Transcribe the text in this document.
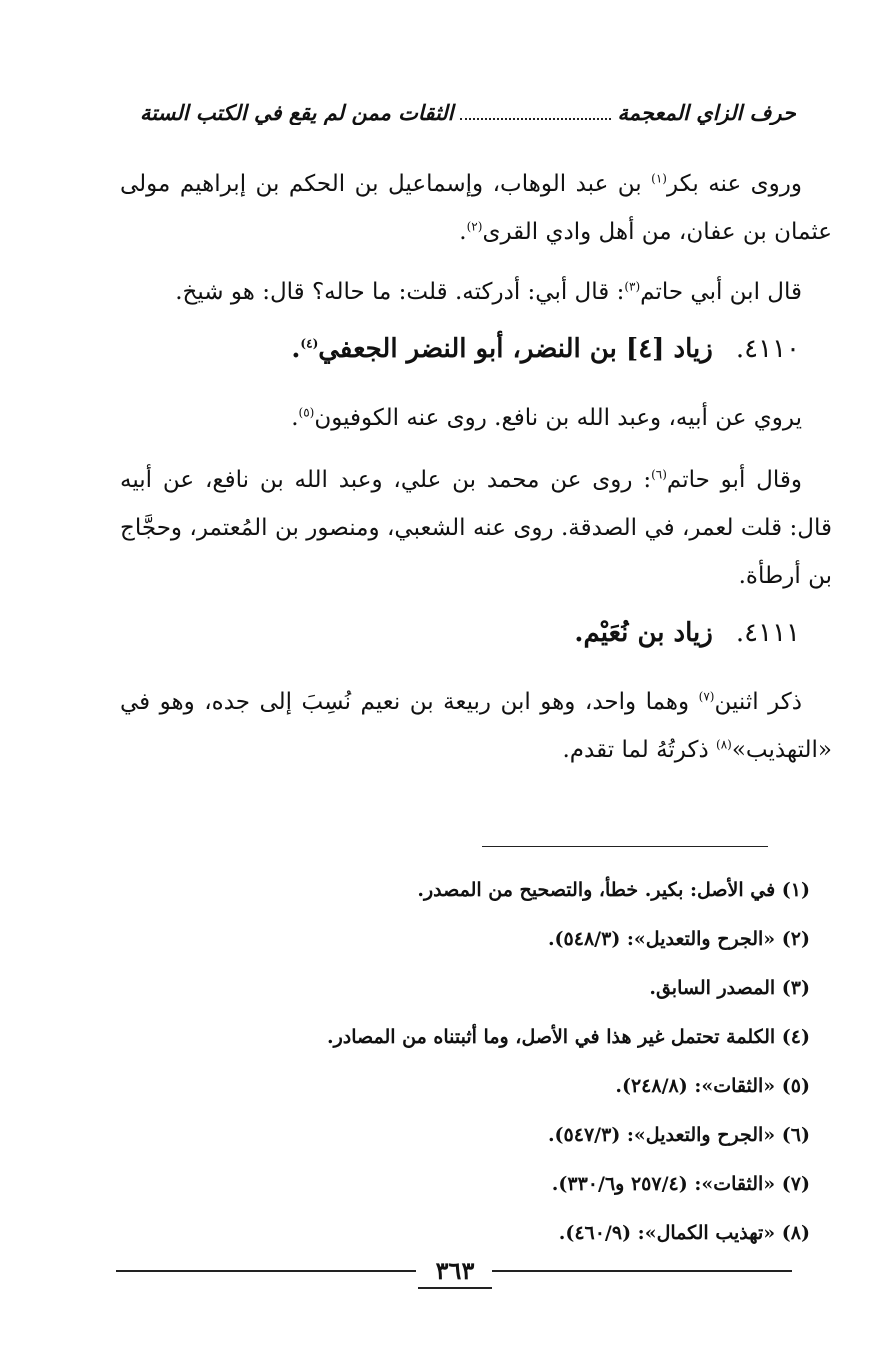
حرف الزاي المعجمة
الثقات ممن لم يقع في الكتب الستة

وروى عنه بكر$^{(١)}$ بن عبد الوهاب، وإسماعيل بن الحكم بن إبراهيم مولى عثمان بن عفان، من أهل وادي القرى$^{(٢)}$.

قال ابن أبي حاتم$^{(٣)}$: قال أبي: أدركته. قلت: ما حاله؟ قال: هو شيخ.

٤١١٠. زياد [٤] بن النضر، أبو النضر الجعفي$^{(٤)}$.

يروي عن أبيه، وعبد الله بن نافع. روى عنه الكوفيون$^{(٥)}$.

وقال أبو حاتم$^{(٦)}$: روى عن محمد بن علي، وعبد الله بن نافع، عن أبيه قال: قلت لعمر، في الصدقة. روى عنه الشعبي، ومنصور بن المُعتمر، وحجَّاج بن أرطأة.

٤١١١. زياد بن نُعَيْم.

ذكر اثنين$^{(٧)}$ وهما واحد، وهو ابن ربيعة بن نعيم نُسِبَ إلى جده، وهو في «التهذيب»$^{(٨)}$ ذكرتُهُ لما تقدم.

(١) في الأصل: بكير. خطأ، والتصحيح من المصدر.
(٢) «الجرح والتعديل»: (٥٤٨/٣).
(٣) المصدر السابق.
(٤) الكلمة تحتمل غير هذا في الأصل، وما أثبتناه من المصادر.
(٥) «الثقات»: (٢٤٨/٨).
(٦) «الجرح والتعديل»: (٥٤٧/٣).
(٧) «الثقات»: (٢٥٧/٤ و٣٣٠/٦).
(٨) «تهذيب الكمال»: (٤٦٠/٩).
٣٦٣
